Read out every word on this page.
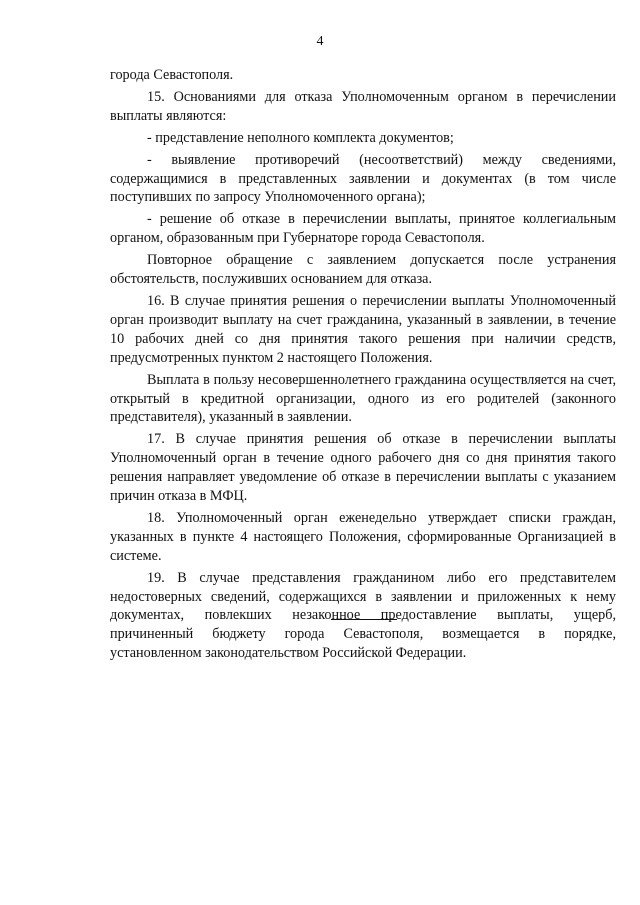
4

города Севастополя.

15. Основаниями для отказа Уполномоченным органом в перечислении выплаты являются:

- представление неполного комплекта документов;

- выявление противоречий (несоответствий) между сведениями, содержащимися в представленных заявлении и документах (в том числе поступивших по запросу Уполномоченного органа);

- решение об отказе в перечислении выплаты, принятое коллегиальным органом, образованным при Губернаторе города Севастополя.

Повторное обращение с заявлением допускается после устранения обстоятельств, послуживших основанием для отказа.

16. В случае принятия решения о перечислении выплаты Уполномоченный орган производит выплату на счет гражданина, указанный в заявлении, в течение 10 рабочих дней со дня принятия такого решения при наличии средств, предусмотренных пунктом 2 настоящего Положения.

Выплата в пользу несовершеннолетнего гражданина осуществляется на счет, открытый в кредитной организации, одного из его родителей (законного представителя), указанный в заявлении.

17. В случае принятия решения об отказе в перечислении выплаты Уполномоченный орган в течение одного рабочего дня со дня принятия такого решения направляет уведомление об отказе в перечислении выплаты с указанием причин отказа в МФЦ.

18. Уполномоченный орган еженедельно утверждает списки граждан, указанных в пункте 4 настоящего Положения, сформированные Организацией в системе.

19. В случае представления гражданином либо его представителем недостоверных сведений, содержащихся в заявлении и приложенных к нему документах, повлекших незаконное предоставление выплаты, ущерб, причиненный бюджету города Севастополя, возмещается в порядке, установленном законодательством Российской Федерации.
